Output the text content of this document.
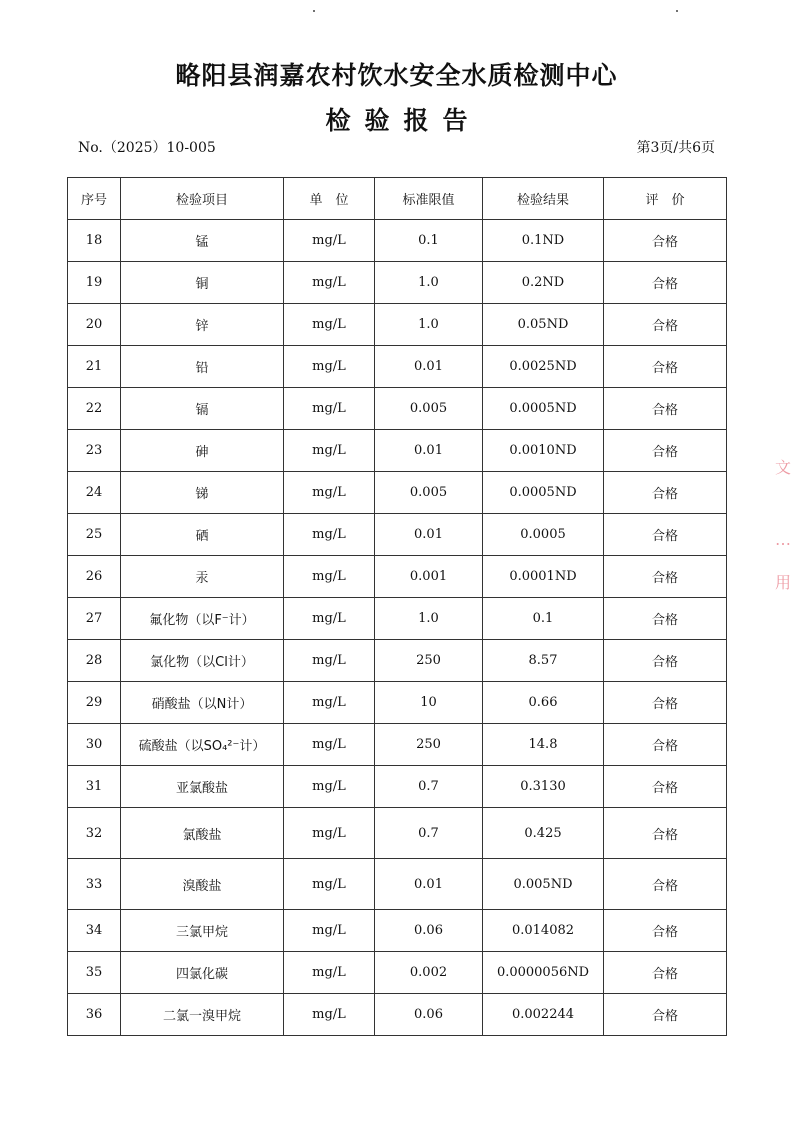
略阳县润嘉农村饮水安全水质检测中心
检验报告
No.（2025）10-005	第3页/共6页
序号	检验项目	单　位	标准限值	检验结果	评　价
18	锰	mg/L	0.1	0.1ND	合格
19	铜	mg/L	1.0	0.2ND	合格
20	锌	mg/L	1.0	0.05ND	合格
21	铅	mg/L	0.01	0.0025ND	合格
22	镉	mg/L	0.005	0.0005ND	合格
23	砷	mg/L	0.01	0.0010ND	合格
24	锑	mg/L	0.005	0.0005ND	合格
25	硒	mg/L	0.01	0.0005	合格
26	汞	mg/L	0.001	0.0001ND	合格
27	氟化物（以F⁻计）	mg/L	1.0	0.1	合格
28	氯化物（以Cl计）	mg/L	250	8.57	合格
29	硝酸盐（以N计）	mg/L	10	0.66	合格
30	硫酸盐（以SO₄²⁻计）	mg/L	250	14.8	合格
31	亚氯酸盐	mg/L	0.7	0.3130	合格
32	氯酸盐	mg/L	0.7	0.425	合格
33	溴酸盐	mg/L	0.01	0.005ND	合格
34	三氯甲烷	mg/L	0.06	0.014082	合格
35	四氯化碳	mg/L	0.002	0.0000056ND	合格
36	二氯一溴甲烷	mg/L	0.06	0.002244	合格
文
…
用
